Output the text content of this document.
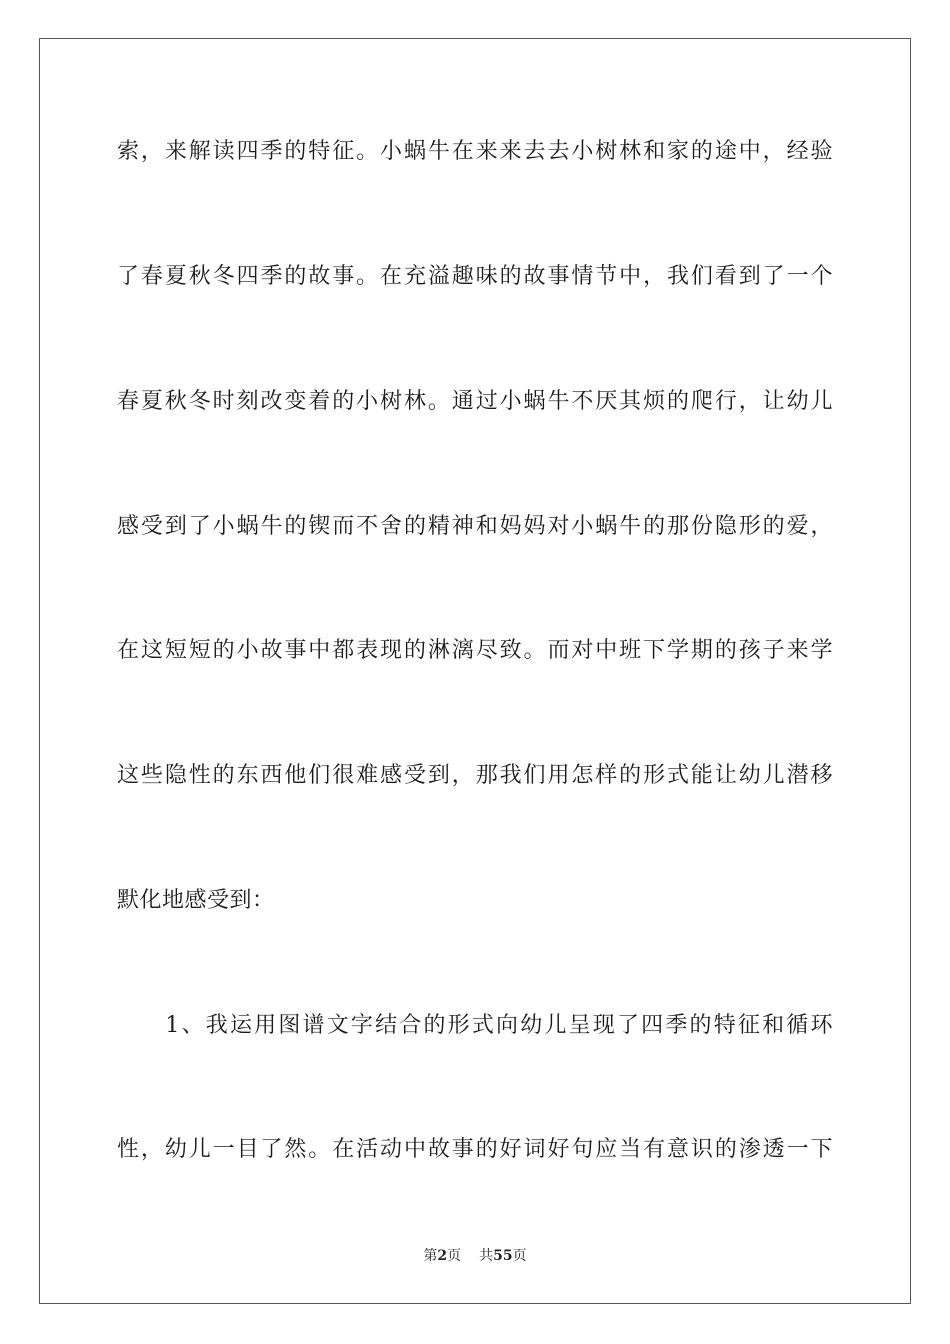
索，来解读四季的特征。小蜗牛在来来去去小树林和家的途中，经验
了春夏秋冬四季的故事。在充溢趣味的故事情节中，我们看到了一个
春夏秋冬时刻改变着的小树林。通过小蜗牛不厌其烦的爬行，让幼儿
感受到了小蜗牛的锲而不舍的精神和妈妈对小蜗牛的那份隐形的爱，
在这短短的小故事中都表现的淋漓尽致。而对中班下学期的孩子来学
这些隐性的东西他们很难感受到，那我们用怎样的形式能让幼儿潜移
默化地感受到：
　　1、我运用图谱文字结合的形式向幼儿呈现了四季的特征和循环
性，幼儿一目了然。在活动中故事的好词好句应当有意识的渗透一下
第2页 共55页
